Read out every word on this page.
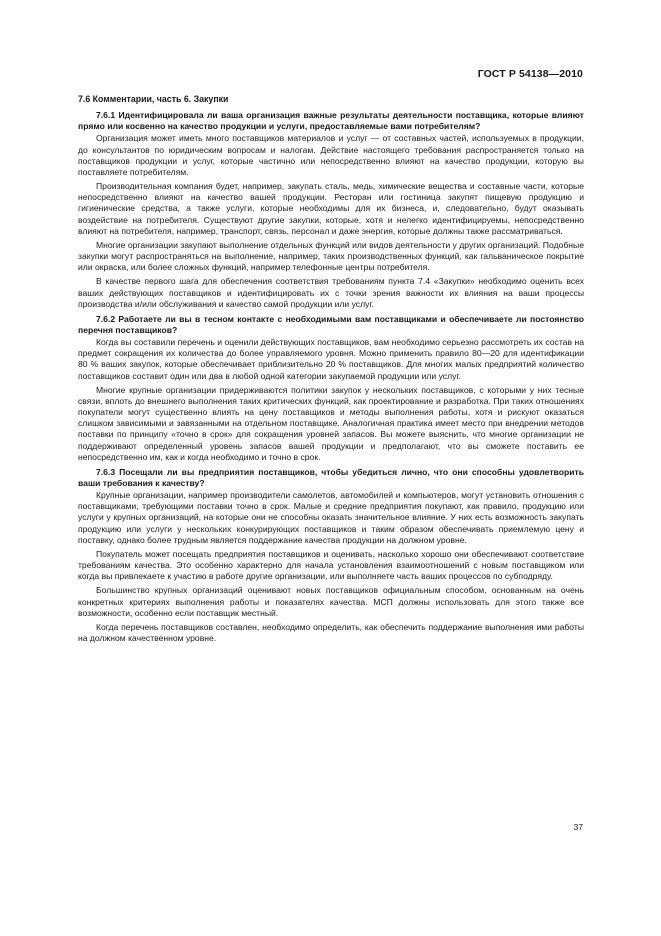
ГОСТ Р 54138—2010
7.6 Комментарии, часть 6. Закупки
7.6.1 Идентифицировала ли ваша организация важные результаты деятельности поставщика, которые влияют прямо или косвенно на качество продукции и услуги, предоставляемые вами потребителям?
Организация может иметь много поставщиков материалов и услуг — от составных частей, используемых в продукции, до консультантов по юридическим вопросам и налогам. Действие настоящего требования распространяется только на поставщиков продукции и услуг, которые частично или непосредственно влияют на качество продукции, которую вы поставляете потребителям.
Производительная компания будет, например, закупать сталь, медь, химические вещества и составные части, которые непосредственно влияют на качество вашей продукции. Ресторан или гостиница закупят пищевую продукцию и гигиенические средства, а также услуги, которые необходимы для их бизнеса, и, следовательно, будут оказывать воздействие на потребителя. Существуют другие закупки, которые, хотя и нелегко идентифицируемы, непосредственно влияют на потребителя, например, транспорт, связь, персонал и даже энергия, которые должны также рассматриваться.
Многие организации закупают выполнение отдельных функций или видов деятельности у других организаций. Подобные закупки могут распространяться на выполнение, например, таких производственных функций, как гальваническое покрытие или окраска, или более сложных функций, например телефонные центры потребителя.
В качестве первого шага для обеспечения соответствия требованиям пункта 7.4 «Закупки» необходимо оценить всех ваших действующих поставщиков и идентифицировать их с точки зрения важности их влияния на ваши процессы производства и/или обслуживания и качество самой продукции или услуг.
7.6.2 Работаете ли вы в тесном контакте с необходимыми вам поставщиками и обеспечиваете ли постоянство перечня поставщиков?
Когда вы составили перечень и оценили действующих поставщиков, вам необходимо серьезно рассмотреть их состав на предмет сокращения их количества до более управляемого уровня. Можно применить правило 80—20 для идентификации 80 % ваших закупок, которые обеспечивает приблизительно 20 % поставщиков. Для многих малых предприятий количество поставщиков составит один или два в любой одной категории закупаемой продукции или услуг.
Многие крупные организации придерживаются политики закупок у нескольких поставщиков, с которыми у них тесные связи, вплоть до внешнего выполнения таких критических функций, как проектирование и разработка. При таких отношениях покупатели могут существенно влиять на цену поставщиков и методы выполнения работы, хотя и рискуют оказаться слишком зависимыми и завязанными на отдельном поставщике. Аналогичная практика имеет место при внедрении методов поставки по принципу «точно в срок» для сокращения уровней запасов. Вы можете выяснить, что многие организации не поддерживают определенный уровень запасов вашей продукции и предполагают, что вы сможете поставить ее непосредственно им, как и когда необходимо и точно в срок.
7.6.3 Посещали ли вы предприятия поставщиков, чтобы убедиться лично, что они способны удовлетворить ваши требования к качеству?
Крупные организации, например производители самолетов, автомобилей и компьютеров, могут установить отношения с поставщиками, требующими поставки точно в срок. Малые и средние предприятия покупают, как правило, продукцию или услуги у крупных организаций, на которые они не способны оказать значительное влияние. У них есть возможность закупать продукцию или услуги у нескольких конкурирующих поставщиков и таким образом обеспечивать приемлемую цену и поставку, однако более трудным является поддержание качества продукции на должном уровне.
Покупатель может посещать предприятия поставщиков и оценивать, насколько хорошо они обеспечивают соответствие требованиям качества. Это особенно характерно для начала установления взаимоотношений с новым поставщиком или когда вы привлекаете к участию в работе другие организации, или выполняете часть ваших процессов по субподряду.
Большинство крупных организаций оценивают новых поставщиков официальным способом, основанным на очень конкретных критериях выполнения работы и показателях качества. МСП должны использовать для этого также все возможности, особенно если поставщик местный.
Когда перечень поставщиков составлен, необходимо определить, как обеспечить поддержание выполнения ими работы на должном качественном уровне.
37
